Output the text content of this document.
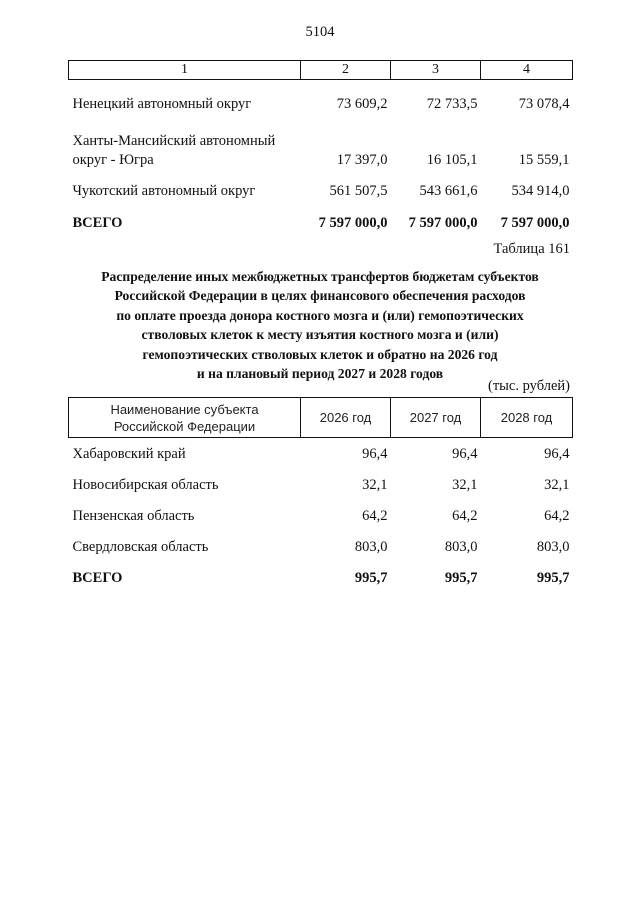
5104
1	2	3	4
Ненецкий автономный округ	73 609,2	72 733,5	73 078,4
Ханты-Мансийский автономный
округ - Югра	17 397,0	16 105,1	15 559,1
Чукотский автономный округ	561 507,5	543 661,6	534 914,0
ВСЕГО	7 597 000,0	7 597 000,0	7 597 000,0
Таблица 161
Распределение иных межбюджетных трансфертов бюджетам субъектов
Российской Федерации в целях финансового обеспечения расходов
по оплате проезда донора костного мозга и (или) гемопоэтических
стволовых клеток к месту изъятия костного мозга и (или)
гемопоэтических стволовых клеток и обратно на 2026 год
и на плановый период 2027 и 2028 годов
(тыс. рублей)
Наименование субъекта
Российской Федерации	2026 год	2027 год	2028 год
Хабаровский край	96,4	96,4	96,4
Новосибирская область	32,1	32,1	32,1
Пензенская область	64,2	64,2	64,2
Свердловская область	803,0	803,0	803,0
ВСЕГО	995,7	995,7	995,7
